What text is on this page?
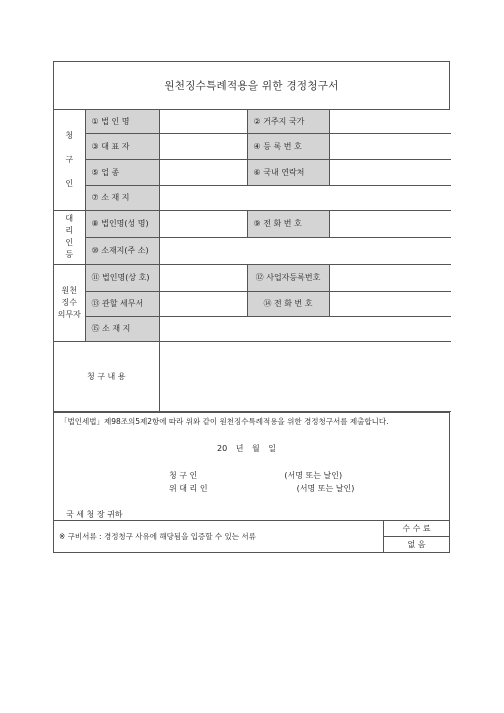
원천징수특례적용을 위한 경정청구서
청

구

인	① 법 인 명		② 거주지 국가	
	③ 대 표 자		④ 등 록 번 호	
	⑤ 업 종		⑥ 국내 연락처	
	⑦ 소 재 지			
대
리
인
등	⑧ 법인명(성 명)		⑨ 전 화 번 호	
	⑩ 소재지(주 소)			
원천
징수
의무자	⑪ 법인명(상 호)		⑫ 사업자등록번호	
	⑬ 관할 세무서		⑭ 전 화 번 호	
	⑮ 소 재 지			
청 구 내 용				
「법인세법」제98조의5제2항에 따라 위와 같이 원천징수특례적용을 위한 경정청구서를 제출합니다.
20 년 월 일
청 구 인	(서명 또는 날인)
위 대 리 인	(서명 또는 날인)
국 세 청 장 귀하
※ 구비서류 : 경정청구 사유에 해당됨을 입증할 수 있는 서류
수 수 료
없 음
